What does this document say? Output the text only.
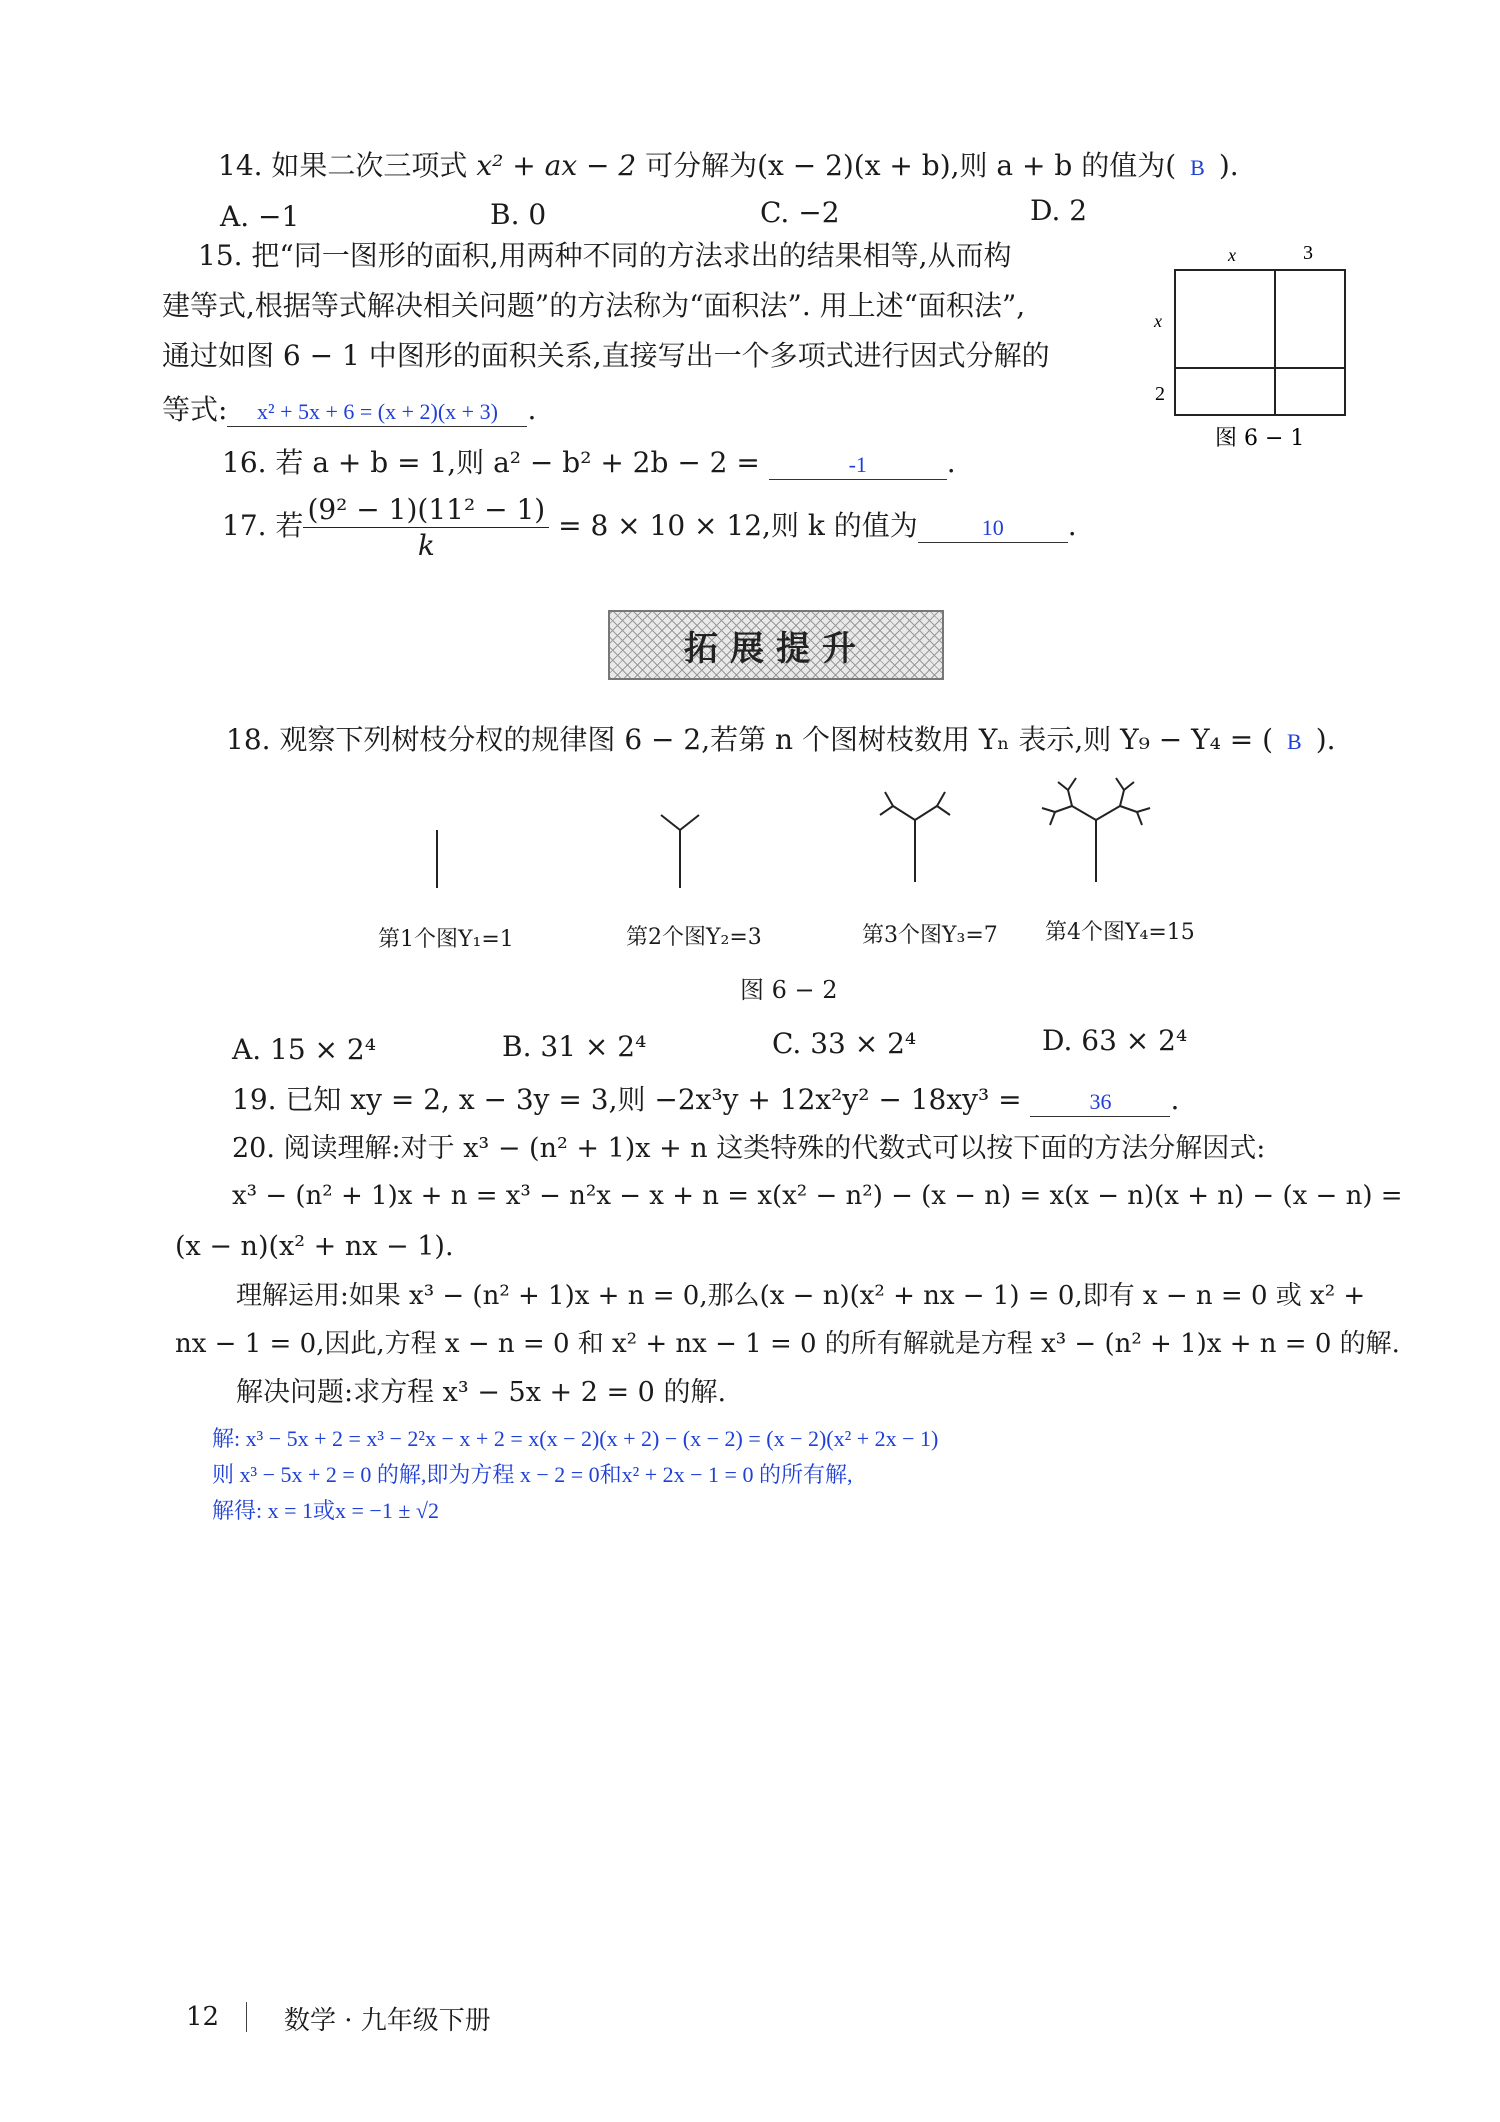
14. 如果二次三项式 x² + ax − 2 可分解为(x − 2)(x + b),则 a + b 的值为( B ).
A. −1	B. 0	C. −2	D. 2
15. 把“同一图形的面积,用两种不同的方法求出的结果相等,从而构
建等式,根据等式解决相关问题”的方法称为“面积法”. 用上述“面积法”,
通过如图 6 − 1 中图形的面积关系,直接写出一个多项式进行因式分解的
等式: x² + 5x + 6 = (x + 2)(x + 3) .
x	3
x
2
图 6 − 1
16. 若 a + b = 1,则 a² − b² + 2b − 2 =	-1	.
17. 若 $\frac{\text{(9² − 1)(11² − 1)}}{k} = 8 \times 10 \times 12$,则 k 的值为	10 .
拓展提升
18. 观察下列树枝分杈的规律图 6 − 2,若第 n 个图树枝数用 Yₙ 表示,则 Y₉ − Y₄ = ( B ).
第1个图Y₁=1	第2个图Y₂=3	第3个图Y₃=7 第4个图Y₄=15
图 6 − 2
A. 15 × 2⁴	B. 31 × 2⁴	C. 33 × 2⁴	D. 63 × 2⁴
19. 已知 xy = 2, x − 3y = 3,则 −2x³y + 12x²y² − 18xy³ =	36 .
20. 阅读理解:对于 x³ − (n² + 1)x + n 这类特殊的代数式可以按下面的方法分解因式:
x³ − (n² + 1)x + n = x³ − n²x − x + n = x(x² − n²) − (x − n) = x(x − n)(x + n) − (x − n) =
(x − n)(x² + nx − 1).
理解运用:如果 x³ − (n² + 1)x + n = 0,那么(x − n)(x² + nx − 1) = 0,即有 x − n = 0 或 x² +
nx − 1 = 0,因此,方程 x − n = 0 和 x² + nx − 1 = 0 的所有解就是方程 x³ − (n² + 1)x + n = 0 的解.
解决问题:求方程 x³ − 5x + 2 = 0 的解.
解: x³ − 5x + 2 = x³ − 2²x − x + 2 = x(x − 2)(x + 2) − (x − 2) = (x − 2)(x² + 2x − 1)
则 x³ − 5x + 2 = 0 的解,即为方程 x − 2 = 0和x² + 2x − 1 = 0 的所有解,
解得: x = 1或x = −1 ± √2
12 数学 · 九年级下册
